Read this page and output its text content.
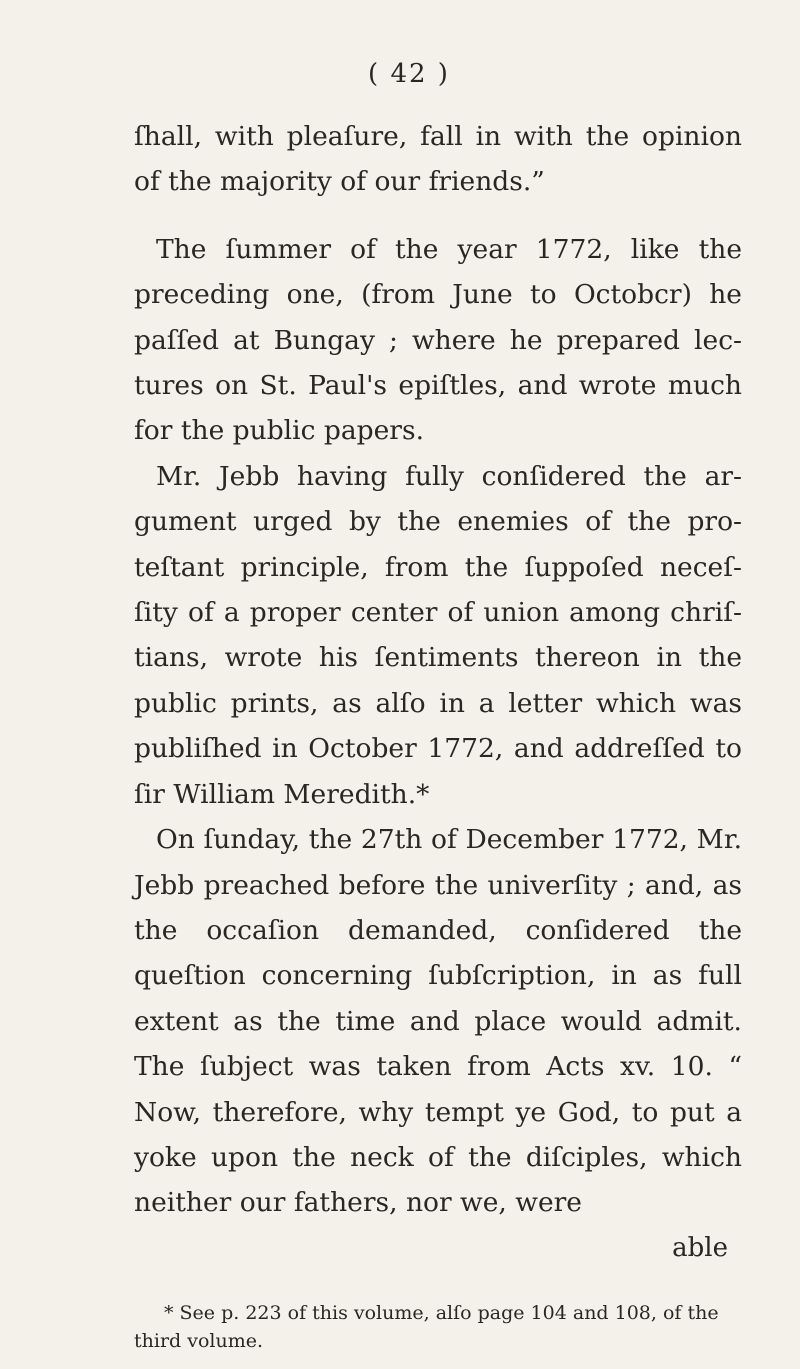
( 42 )

ſhall, with pleaſure, fall in with the opinion of the majority of our friends.”

The ſummer of the year 1772, like the preceding one, (from June to Octobcr) he paſſed at Bungay ; where he prepared lec- tures on St. Paul's epiſtles, and wrote much for the public papers.

Mr. Jebb having fully conſidered the ar- gument urged by the enemies of the pro- teſtant principle, from the ſuppoſed neceſ- ſity of a proper center of union among chriſ- tians, wrote his ſentiments thereon in the public prints, as alſo in a letter which was publiſhed in October 1772, and addreſſed to ſir William Meredith.*

On ſunday, the 27th of December 1772, Mr. Jebb preached before the univerſity ; and, as the occaſion demanded, conſidered the queſtion concerning ſubſcription, in as full extent as the time and place would admit. The ſubject was taken from Acts xv. 10. “ Now, therefore, why tempt ye God, to put a yoke upon the neck of the diſciples, which neither our fathers, nor we, were

able

* See p. 223 of this volume, alſo page 104 and 108, of the third volume.
